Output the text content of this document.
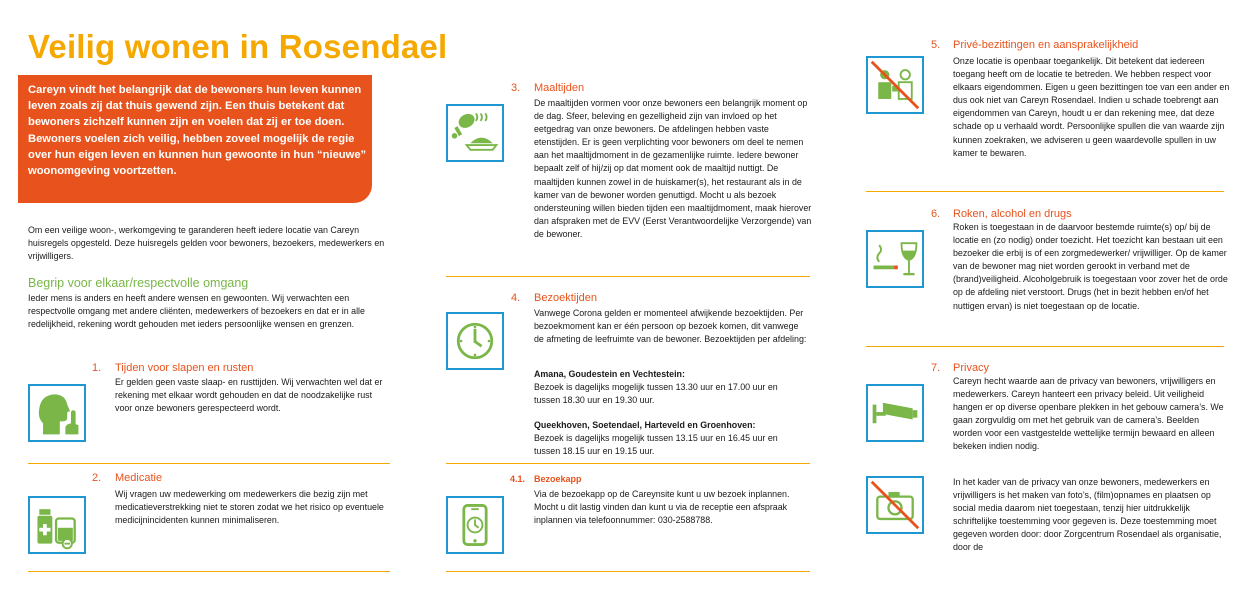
Veilig wonen in Rosendael
Careyn vindt het belangrijk dat de bewoners hun leven kunnen leven zoals zij dat thuis gewend zijn. Een thuis betekent dat bewoners zichzelf kunnen zijn en voelen dat zij er toe doen. Bewoners voelen zich veilig, hebben zoveel mogelijk de regie over hun eigen leven en kunnen hun gewoonte in hun “nieuwe” woonomgeving voortzetten.
Om een veilige woon-, werkomgeving te garanderen heeft iedere locatie van Careyn huisregels opgesteld. Deze huisregels gelden voor bewoners, bezoekers, medewerkers en vrijwilligers.
Begrip voor elkaar/respectvolle omgang
Ieder mens is anders en heeft andere wensen en gewoonten. Wij verwachten een respectvolle omgang met andere cliënten, medewerkers of bezoekers en dat er in alle redelijkheid, rekening wordt gehouden met ieders persoonlijke wensen en grenzen.
1. Tijden voor slapen en rusten
Er gelden geen vaste slaap- en rusttijden. Wij verwachten wel dat er rekening met elkaar wordt gehouden en dat de noodzakelijke rust voor onze bewoners gerespecteerd wordt.
2. Medicatie
Wij vragen uw medewerking om medewerkers die bezig zijn met medicatieverstrekking niet te storen zodat we het risico op eventuele medicijnincidenten kunnen minimaliseren.
3. Maaltijden
De maaltijden vormen voor onze bewoners een belangrijk moment op de dag. Sfeer, beleving en gezelligheid zijn van invloed op het eetgedrag van onze bewoners. De afdelingen hebben vaste etenstijden. Er is geen verplichting voor bewoners om deel te nemen aan het maaltijdmoment in de gezamenlijke ruimte. Iedere bewoner bepaalt zelf of hij/zij op dat moment ook de maaltijd nuttigt. De maaltijden kunnen zowel in de huiskamer(s), het restaurant als in de kamer van de bewoner worden genuttigd. Mocht u als bezoek ondersteuning willen bieden tijden een maaltijdmoment, maak hierover dan afspraken met de EVV (Eerst Verantwoordelijke Verzorgende) van de bewoner.
4. Bezoektijden
Vanwege Corona gelden er momenteel afwijkende bezoektijden. Per bezoekmoment kan er één persoon op bezoek komen, dit vanwege de afmeting de leefruimte van de bewoner. Bezoektijden per afdeling:
Amana, Goudestein en Vechtestein:
Bezoek is dagelijks mogelijk tussen 13.30 uur en 17.00 uur en tussen 18.30 uur en 19.30 uur.
Queekhoven, Soetendael, Harteveld en Groenhoven:
Bezoek is dagelijks mogelijk tussen 13.15 uur en 16.45 uur en tussen 18.15 uur en 19.15 uur.
4.1. Bezoekapp
Via de bezoekapp op de Careynsite kunt u uw bezoek inplannen. Mocht u dit lastig vinden dan kunt u via de receptie een afspraak inplannen via telefoonnummer: 030-2588788.
5. Privé-bezittingen en aansprakelijkheid
Onze locatie is openbaar toegankelijk. Dit betekent dat iedereen toegang heeft om de locatie te betreden. We hebben respect voor elkaars eigendommen. Eigen u geen bezittingen toe van een ander en dus ook niet van Careyn Rosendael. Indien u schade toebrengt aan eigendommen van Careyn, houdt u er dan rekening mee, dat deze schade op u verhaald wordt. Persoonlijke spullen die van waarde zijn kunnen zoekraken, we adviseren u geen waardevolle spullen in uw kamer te bewaren.
6. Roken, alcohol en drugs
Roken is toegestaan in de daarvoor bestemde ruimte(s) op/ bij de locatie en (zo nodig) onder toezicht. Het toezicht kan bestaan uit een bezoeker die erbij is of een zorgmedewerker/ vrijwilliger. Op de kamer van de bewoner mag niet worden gerookt in verband met de (brand)veiligheid. Alcoholgebruik is toegestaan voor zover het de orde op de afdeling niet verstoort. Drugs (het in bezit hebben en/of het nuttigen ervan) is niet toegestaan op de locatie.
7. Privacy
Careyn hecht waarde aan de privacy van bewoners, vrijwilligers en medewerkers. Careyn hanteert een privacy beleid. Uit veiligheid hangen er op diverse openbare plekken in het gebouw camera’s. We gaan zorgvuldig om met het gebruik van de camera’s. Beelden worden voor een vastgestelde wettelijke termijn bewaard en alleen bekeken indien nodig.
In het kader van de privacy van onze bewoners, medewerkers en vrijwilligers is het maken van foto’s, (film)opnames en plaatsen op social media daarom niet toegestaan, tenzij hier uitdrukkelijk schriftelijke toestemming voor gegeven is. Deze toestemming moet gegeven worden door: door Zorgcentrum Rosendael als organisatie, door de
